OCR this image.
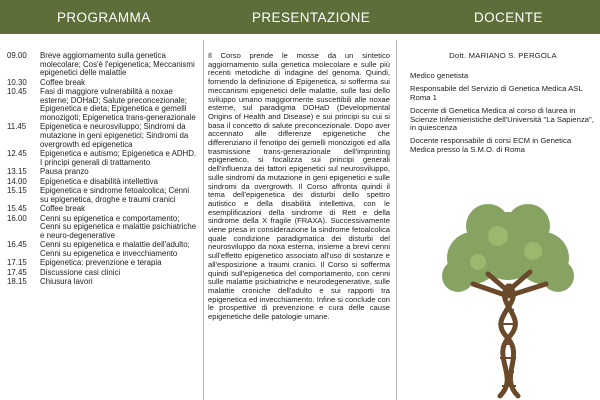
PROGRAMMA	PRESENTAZIONE	DOCENTE
09.00	Breve aggiornamento sulla genetica molecolare; Cos'è l'epigenetica; Meccanismi epigenetici delle malattie
10.30	Coffee break
10.45	Fasi di maggiore vulnerabilità a noxae esterne; DOHaD; Salute preconcezionale; Epigenetica e dieta; Epigenetica e gemelli monozigoti; Epigenetica trans-generazionale
11.45	Epigenetica e neurosviluppo; Sindromi da mutazione in geni epigenetici; Sindromi da overgrowth ed epigenetica
12.45	Epigenetica e autismo; Epigenetica e ADHD. I principi generali di trattamento
13.15	Pausa pranzo
14.00	Epigenetica e disabilità intellettiva
15.15	Epigenetica e sindrome fetoalcolica; Cenni su epigenetica, droghe e traumi cranici
15.45	Coffee break
16.00	Cenni su epigenetica e comportamento; Cenni su epigenetica e malattie psichiatriche e neuro-degenerative
16.45	Cenni su epigenetica e malattie dell'adulto; Cenni su epigenetica e invecchiamento
17.15	Epigenetica: prevenzione e terapia
17.45	Discussione casi clinici
18.15	Chiusura lavori
Il Corso prende le mosse da un sintetico aggiornamento sulla genetica molecolare e sulle più recenti metodiche di indagine del genoma. Quindi, fornendo la definizione di Epigenetica, si sofferma sui meccanismi epigenetici delle malattie, sulle fasi dello sviluppo umano maggiormente suscettibili alle noxae esterne, sul paradigma DOHaD (Developmental Origins of Health and Disease) e sui principi su cui si basa il concetto di salute preconcezionale. Dopo aver accennato alle differenze epigenetiche che differenziano il fenotipo dei gemelli monozigoti ed alla trasmissione trans-generazionale dell'imprinting epigenetico, si focalizza sui principi generali dell'influenza dei fattori epigenetici sul neurosviluppo, sulle sindromi da mutazione in geni epigenetici e sulle sindromi da overgrowth. Il Corso affronta quindi il tema dell'epigenetica dei disturbi dello spettro autistico e della disabilità intellettiva, con le esemplificazioni della sindrome di Rett e della sindrome della X fragile (FRAXA). Successivamente viene presa in considerazione la sindrome fetoalcolica quale condizione paradigmatica dei disturbi del neurosviluppo da noxa esterna, insieme a brevi cenni sull'effetto epigenetico associato all'uso di sostanze e all'esposizione a traumi cranici. Il Corso si sofferma quindi sull'epigenetica del comportamento, con cenni sulle malattie psichiatriche e neurodegenerative, sulle malattie croniche dell'adulto e sui rapporti tra epigenetica ed invecchiamento. Infine si conclude con le prospettive di prevenzione e cura delle cause epigenetiche delle patologie umane.
Dott. MARIANO S. PERGOLA

Medico genetista

Responsabile del Servizio di Genetica Medica ASL Roma 1

Docente di Genetica Medica al corso di laurea in Scienze Infermieristiche dell'Università "La Sapienza", in quiescenza

Docente responsabile di corsi ECM in Genetica Medica presso la S.M.O. di Roma
